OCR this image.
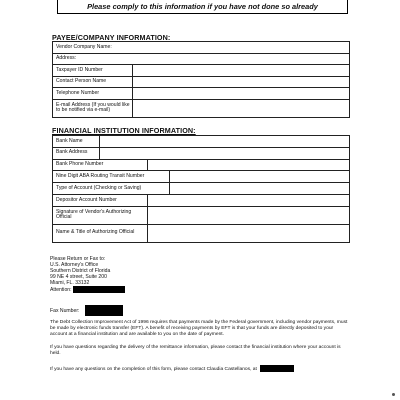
Please comply to this information if you have not done so already
PAYEE/COMPANY INFORMATION:
Vendor Company Name:	
Address:	
Taxpayer ID Number	
Contact Person Name	
Telephone Number	
E-mail Address (If you would like to be notified via e-mail)	
FINANCIAL INSTITUTION INFORMATION:
Bank Name			
Bank Address			
Bank Phone Number			
Nine Digit ABA Routing Transit Number			
Type of Account (Checking or Saving)			
Depositor Account Number			
Signature of Vendor's Authorizing Official			
Name & Title of Authorizing Official			
Please Return or Fax to:
U.S. Attorney's Office
Southern District of Florida
99 NE 4 street, Suite 200
Miami, FL. 33132
Attention:
Fax Number:
The Debt Collection Improvement Act of 1996 requires that payments made by the Federal government, including vendor payments, must be made by electronic funds transfer (EFT). A benefit of receiving payments by EFT is that your funds are directly deposited to your account at a financial institution and are available to you on the date of payment.
If you have questions regarding the delivery of the remittance information, please contact the financial institution where your account is held.
If you have any questions on the completion of this form, please contact Claudia Castellanos, at
